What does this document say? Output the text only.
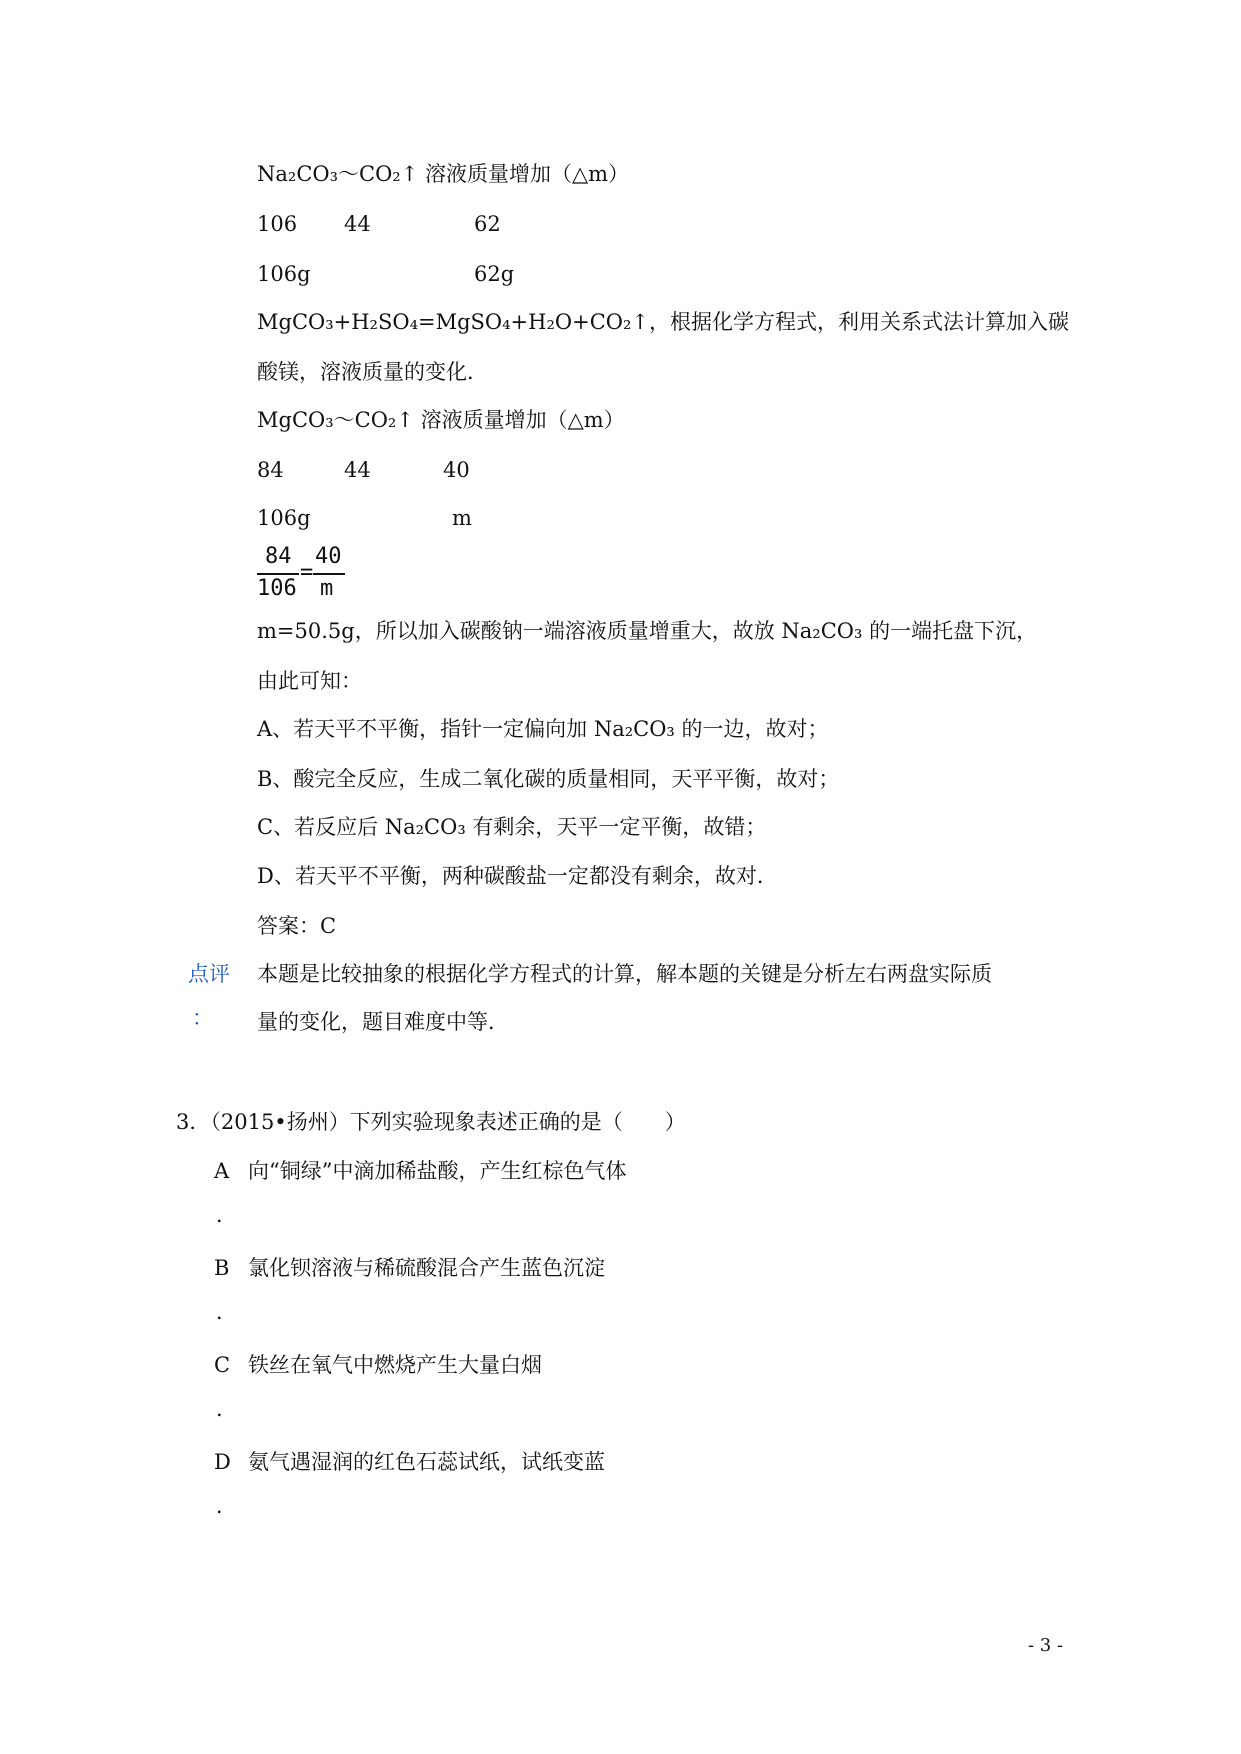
Na₂CO₃～CO₂↑ 溶液质量增加（△m）
106 44	62
106g	62g
MgCO₃+H₂SO₄=MgSO₄+H₂O+CO₂↑，根据化学方程式，利用关系式法计算加入碳
酸镁，溶液质量的变化．
MgCO₃～CO₂↑ 溶液质量增加（△m）
84	44	40
106g	m
84
106
=
40
m
m=50.5g，所以加入碳酸钠一端溶液质量增重大，故放 Na₂CO₃ 的一端托盘下沉，
由此可知：
A、若天平不平衡，指针一定偏向加 Na₂CO₃ 的一边，故对；
B、酸完全反应，生成二氧化碳的质量相同，天平平衡，故对；
C、若反应后 Na₂CO₃ 有剩余，天平一定平衡，故错；
D、若天平不平衡，两种碳酸盐一定都没有剩余，故对．
答案：C
点评
：
本题是比较抽象的根据化学方程式的计算，解本题的关键是分析左右两盘实际质
量的变化，题目难度中等．
3．（2015•扬州）下列实验现象表述正确的是（　　）
A 向“铜绿”中滴加稀盐酸，产生红棕色气体
．
B 氯化钡溶液与稀硫酸混合产生蓝色沉淀
．
C 铁丝在氧气中燃烧产生大量白烟
．
D 氨气遇湿润的红色石蕊试纸，试纸变蓝
．
- 3 -
